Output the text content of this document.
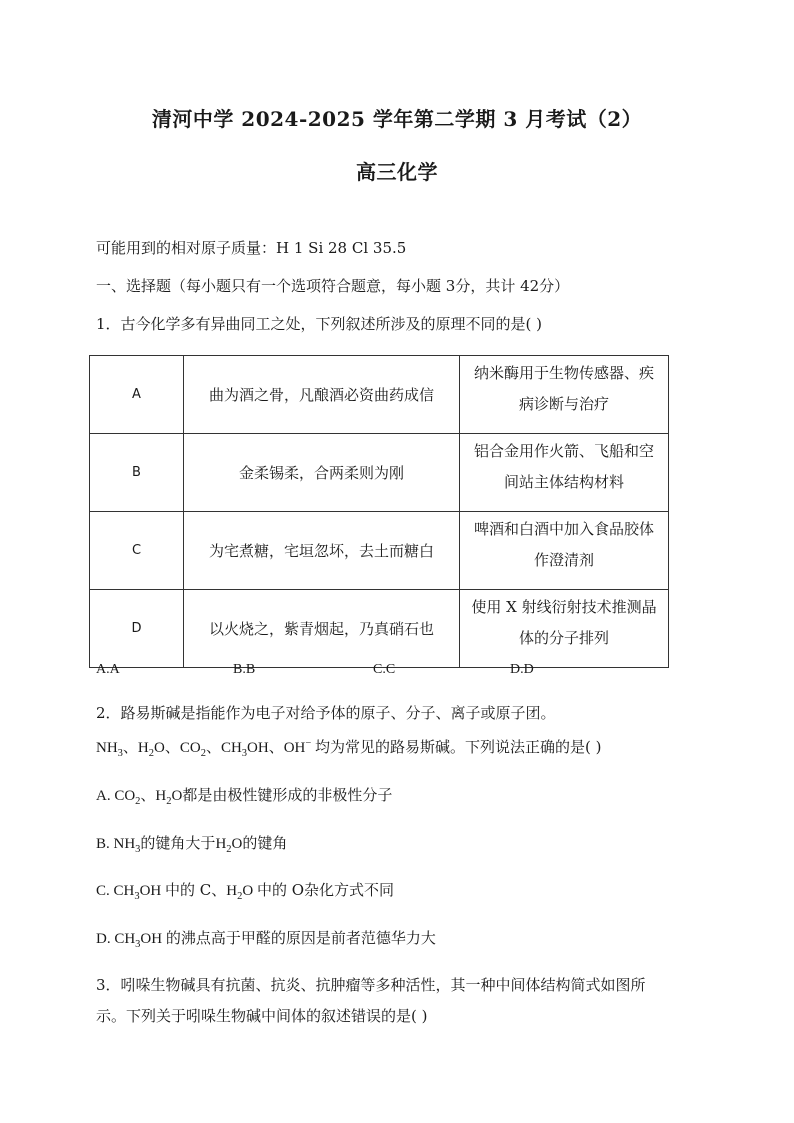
清河中学 2024-2025 学年第二学期 3 月考试（2）
高三化学
可能用到的相对原子质量：H 1 Si 28 Cl 35.5
一、选择题（每小题只有一个选项符合题意，每小题 3分，共计 42分）
1．古今化学多有异曲同工之处，下列叙述所涉及的原理不同的是( )
A	曲为酒之骨，凡酿酒必资曲药成信	纳米酶用于生物传感器、疾病诊断与治疗
B	金柔锡柔，合两柔则为刚	铝合金用作火箭、飞船和空间站主体结构材料
C	为宅煮糖，宅垣忽坏，去土而糖白	啤酒和白酒中加入食品胶体作澄清剂
D	以火烧之，紫青烟起，乃真硝石也	使用 X 射线衍射技术推测晶体的分子排列
A.A	B.B	C.C	D.D
2．路易斯碱是指能作为电子对给予体的原子、分子、离子或原子团。
$NH_3$、$H_2O$、$CO_2$、$CH_3OH$、OH− 均为常见的路易斯碱。下列说法正确的是( )
A. $CO_2$、$H_2O$都是由极性键形成的非极性分子
B. $NH_3$的键角大于$H_2O$的键角
C. $CH_3OH$ 中的 C、$H_2O$ 中的 O杂化方式不同
D. $CH_3OH$ 的沸点高于甲醛的原因是前者范德华力大
3．吲哚生物碱具有抗菌、抗炎、抗肿瘤等多种活性，其一种中间体结构简式如图所
示。下列关于吲哚生物碱中间体的叙述错误的是( )
